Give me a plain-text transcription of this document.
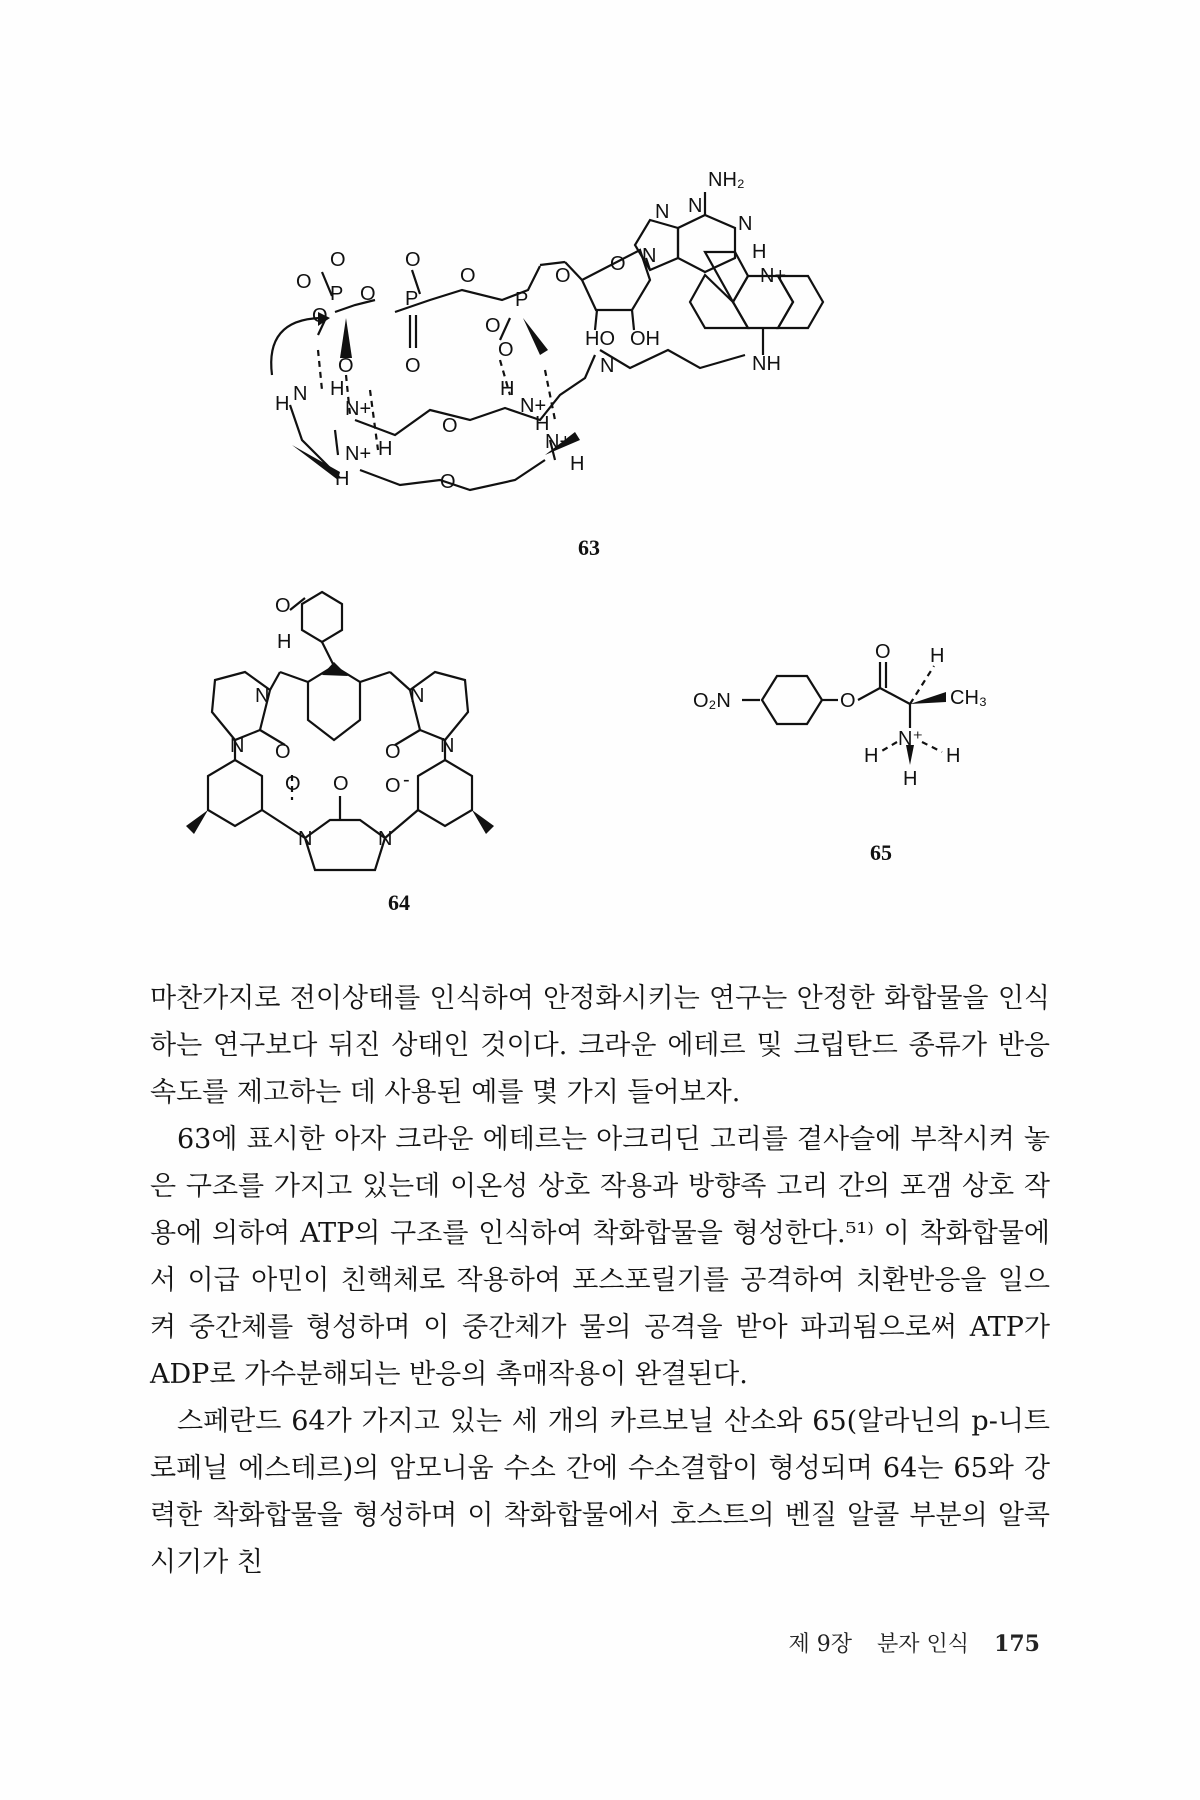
NH₂
N
N
N
N
O
HO OH
H
N+
NH
O	O
O
P O P
O
P
O
O	O
O	O
O
N
H
H
N+
H
N+
H
N
O
N+ H
H
N+
H
O
63
O
H
N
N O
N
N
O
O	O -
O
N	N
64
O₂N	O
O H
CH₃
N⁺
H	H
H
65

마찬가지로 전이상태를 인식하여 안정화시키는 연구는 안정한 화합물을 인식하는 연구보다 뒤진 상태인 것이다. 크라운 에테르 및 크립탄드 종류가 반응속도를 제고하는 데 사용된 예를 몇 가지 들어보자.

63에 표시한 아자 크라운 에테르는 아크리딘 고리를 곁사슬에 부착시켜 놓은 구조를 가지고 있는데 이온성 상호 작용과 방향족 고리 간의 포갬 상호 작용에 의하여 ATP의 구조를 인식하여 착화합물을 형성한다.⁵¹⁾ 이 착화합물에서 이급 아민이 친핵체로 작용하여 포스포릴기를 공격하여 치환반응을 일으켜 중간체를 형성하며 이 중간체가 물의 공격을 받아 파괴됨으로써 ATP가 ADP로 가수분해되는 반응의 촉매작용이 완결된다.

스페란드 64가 가지고 있는 세 개의 카르보닐 산소와 65(알라닌의 p-니트로페닐 에스테르)의 암모니움 수소 간에 수소결합이 형성되며 64는 65와 강력한 착화합물을 형성하며 이 착화합물에서 호스트의 벤질 알콜 부분의 알콕시기가 친

제 9장 분자 인식 175
